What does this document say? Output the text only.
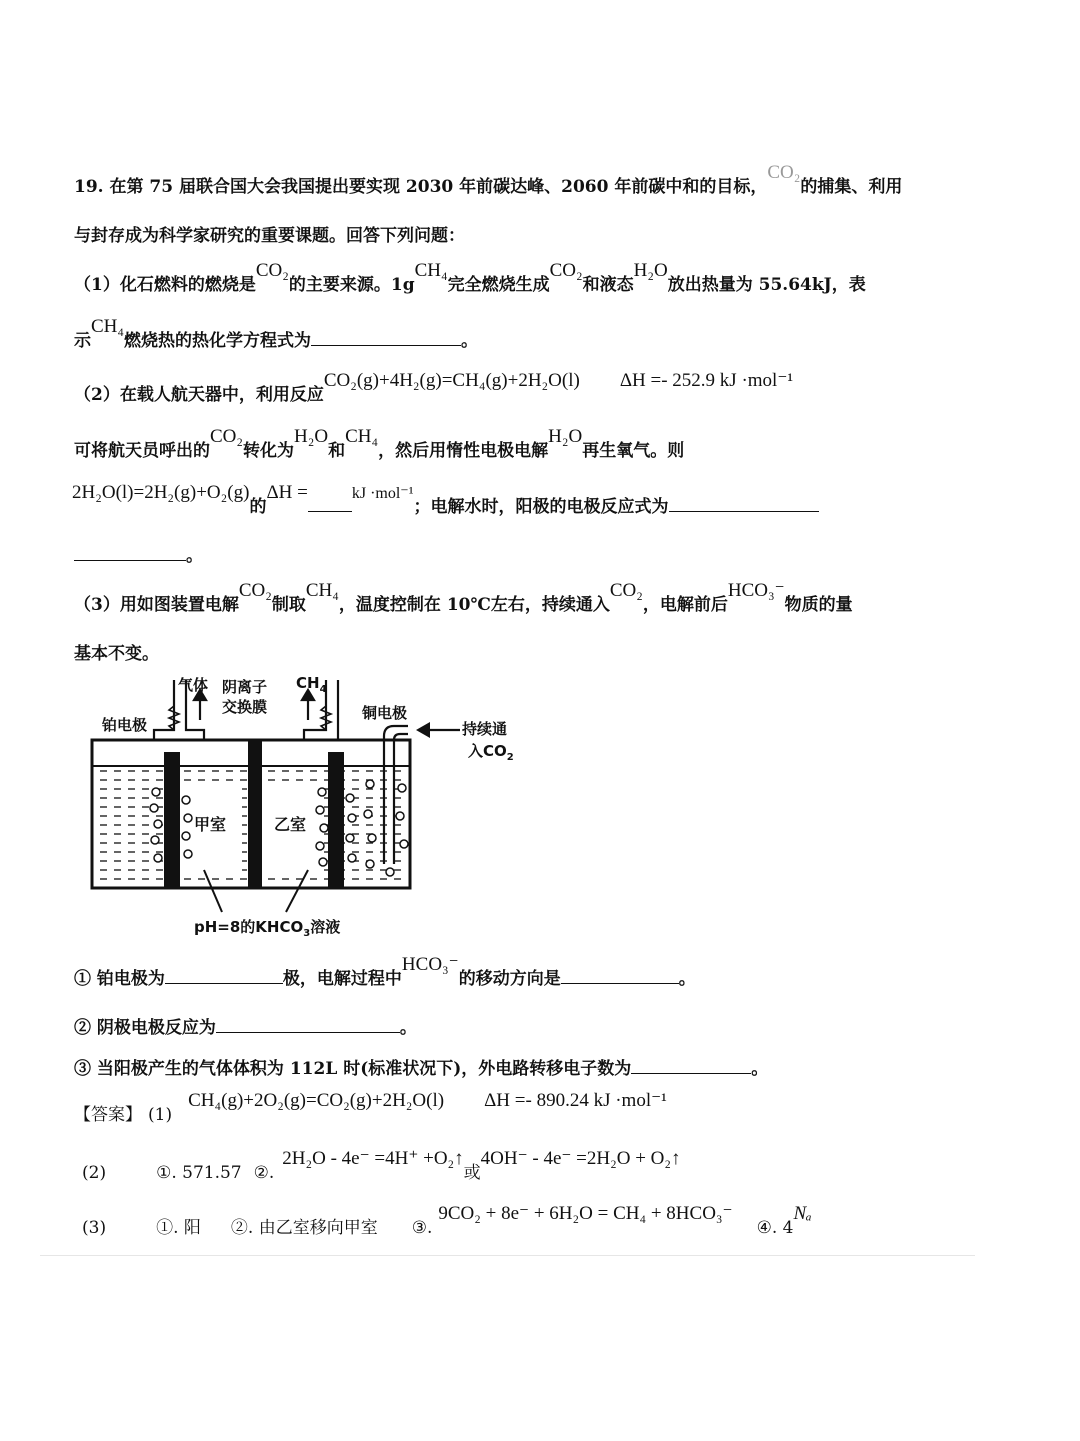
19. 在第 75 届联合国大会我国提出要实现 2030 年前碳达峰、2060 年前碳中和的目标，CO₂的捕集、利用
与封存成为科学家研究的重要课题。回答下列问题：
（1）化石燃料的燃烧是CO₂的主要来源。1gCH₄完全燃烧生成CO₂和液态H₂O放出热量为 55.64kJ，表
示CH₄燃烧热的热化学方程式为	。
（2）在载人航天器中，利用反应CO₂(g)+4H₂(g)=CH₄(g)+2H₂O(l) ΔH =- 252.9 kJ ·mol⁻¹
可将航天员呼出的CO₂转化为H₂O和CH₄，然后用惰性电极电解H₂O再生氧气。则
2H₂O(l)=2H₂(g)+O₂(g)的ΔH =	kJ ·mol⁻¹；电解水时，阳极的电极反应式为
。
（3）用如图装置电解CO₂制取CH₄，温度控制在 10℃左右，持续通入CO₂，电解前后HCO₃⁻物质的量
基本不变。
气体 阴离子
交换膜
$CH_4$
铂电极
铜电极
持续通
入$CO_2$
甲室	乙室
pH=8的$KHCO_3$溶液
① 铂电极为	极，电解过程中HCO₃⁻的移动方向是	。
② 阴极电极反应为	。
③ 当阳极产生的气体体积为 112L 时(标准状况下)，外电路转移电子数为	。
【答案】 (1)CH₄(g)+2O₂(g)=CO₂(g)+2H₂O(l) ΔH =- 890.24 kJ ·mol⁻¹
(2)	①. 571.57 ②.2H₂O - 4e⁻ =4H⁺ +O₂↑或4OH⁻ - 4e⁻ =2H₂O + O₂↑
(3)	①. 阳 ②. 由乙室移向甲室 ③.9CO₂ + 8e⁻ + 6H₂O = CH₄ + 8HCO₃⁻④. 4Nₐ
